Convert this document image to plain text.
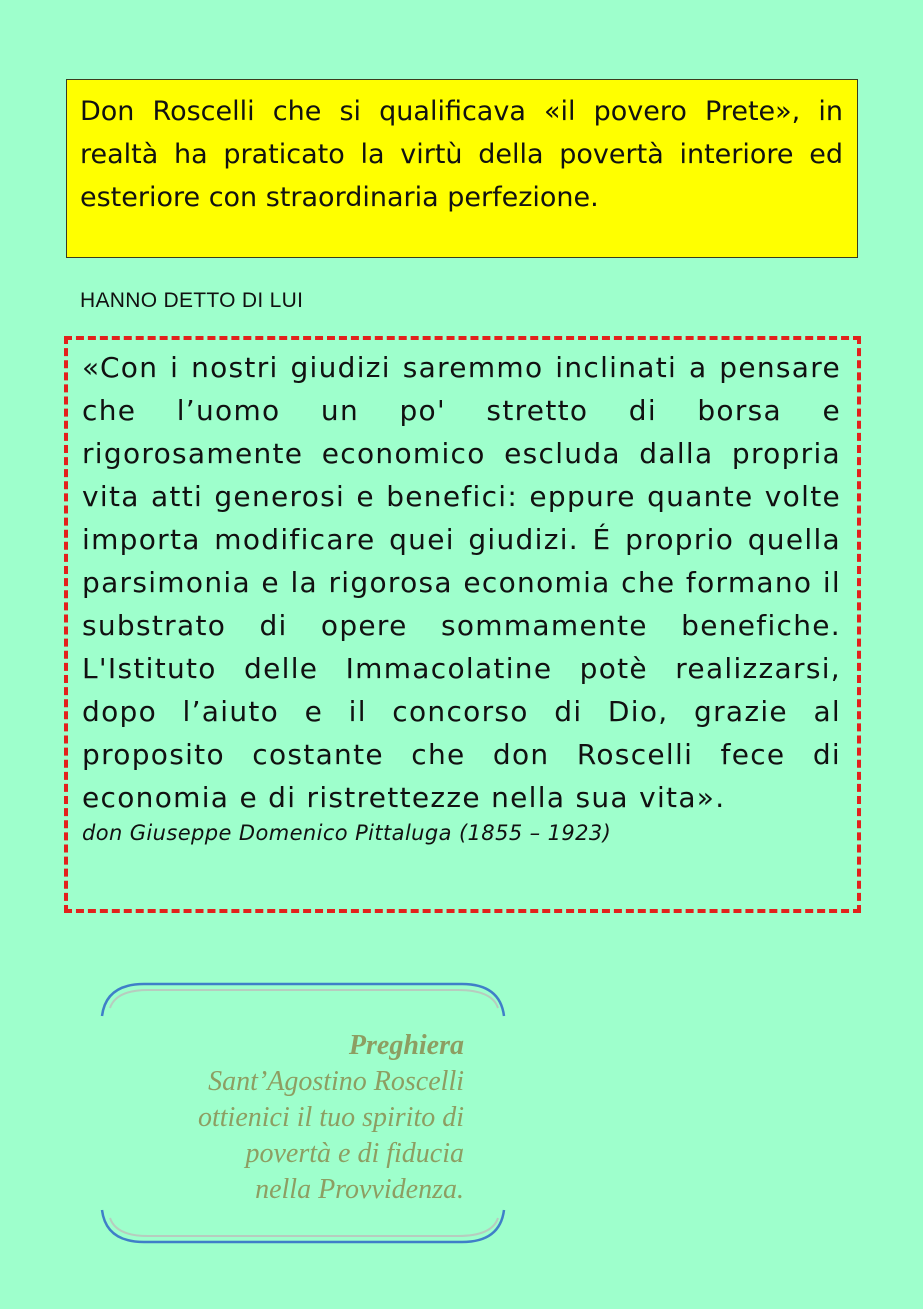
Don Roscelli che si qualificava «il povero Prete», in realtà ha praticato la virtù della povertà interiore ed esteriore con straordinaria perfezione.
HANNO DETTO DI LUI
«Con i nostri giudizi saremmo inclinati a pensare che l’uomo un po' stretto di borsa e rigorosamente economico escluda dalla propria vita atti generosi e benefici: eppure quante volte importa modificare quei giudizi. É proprio quella parsimonia e la rigorosa economia che formano il substrato di opere sommamente benefiche. L'Istituto delle Immacolatine potè realizzarsi, dopo l’aiuto e il concorso di Dio, grazie al proposito costante che don Roscelli fece di economia e di ristrettezze nella sua vita».
don Giuseppe Domenico Pittaluga (1855 – 1923)
Preghiera
Sant’Agostino Roscelli
ottienici il tuo spirito di
povertà e di fiducia
nella Provvidenza.
